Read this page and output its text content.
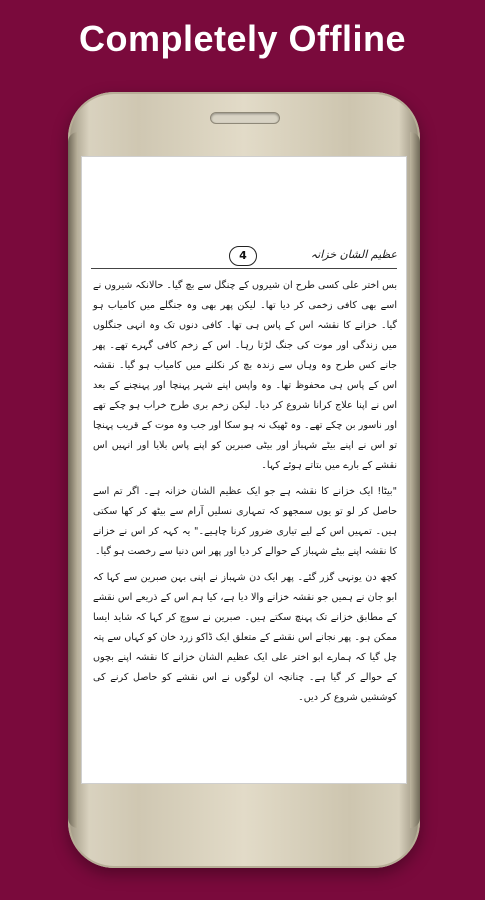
Completely Offline
عظیم الشان خزانہ
4

بس اختر علی کسی طرح ان شیروں کے چنگل سے بچ گیا۔ حالانکہ شیروں نے اسے بھی کافی زخمی کر دیا تھا۔ لیکن پھر بھی وہ جنگلے میں کامیاب ہو گیا۔ خزانے کا نقشہ اس کے پاس ہی تھا۔ کافی دنوں تک وہ انہی جنگلوں میں زندگی اور موت کی جنگ لڑتا رہا۔ اس کے زخم کافی گہرے تھے۔ پھر جانے کس طرح وہ وہاں سے زندہ بچ کر نکلنے میں کامیاب ہو گیا۔ نقشہ اس کے پاس ہی محفوظ تھا۔ وہ واپس اپنے شہر پہنچا اور پہنچنے کے بعد اس نے اپنا علاج کرانا شروع کر دیا۔ لیکن زخم بری طرح خراب ہو چکے تھے اور ناسور بن چکے تھے۔ وہ ٹھیک نہ ہو سکا اور جب وہ موت کے قریب پہنچا تو اس نے اپنے بیٹے شہباز اور بیٹی صبرین کو اپنے پاس بلایا اور انہیں اس نقشے کے بارے میں بتاتے ہوئے کہا۔

"بیٹا! ایک خزانے کا نقشہ ہے جو ایک عظیم الشان خزانہ ہے۔ اگر تم اسے حاصل کر لو تو یوں سمجھو کہ تمہاری نسلیں آرام سے بیٹھ کر کھا سکتی ہیں۔ تمہیں اس کے لیے تیاری ضرور کرنا چاہیے۔" یہ کہہ کر اس نے خزانے کا نقشہ اپنے بیٹے شہباز کے حوالے کر دیا اور پھر اس دنیا سے رخصت ہو گیا۔

کچھ دن یونہی گزر گئے۔ پھر ایک دن شہباز نے اپنی بہن صبرین سے کہا کہ ابو جان نے ہمیں جو نقشہ خزانے والا دیا ہے، کیا ہم اس کے ذریعے اس نقشے کے مطابق خزانے تک پہنچ سکتے ہیں۔ صبرین نے سوچ کر کہا کہ شاید ایسا ممکن ہو۔ پھر نجانے اس نقشے کے متعلق ایک ڈاکو زرد خان کو کہاں سے پتہ چل گیا کہ ہمارے ابو اختر علی ایک عظیم الشان خزانے کا نقشہ اپنے بچوں کے حوالے کر گیا ہے۔ چنانچہ ان لوگوں نے اس نقشے کو حاصل کرنے کی کوششیں شروع کر دیں۔
